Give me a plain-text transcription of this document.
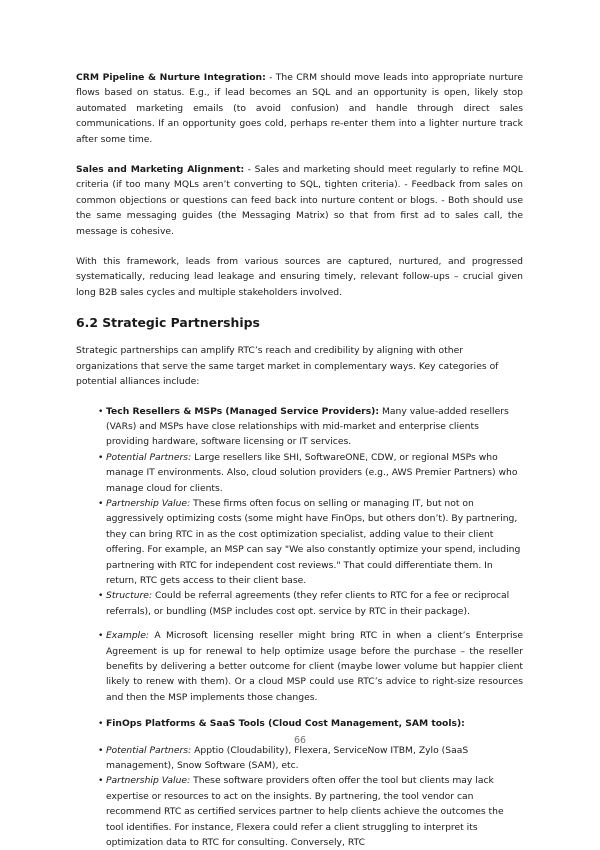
CRM Pipeline & Nurture Integration: - The CRM should move leads into appropriate nurture flows based on status. E.g., if lead becomes an SQL and an opportunity is open, likely stop automated marketing emails (to avoid confusion) and handle through direct sales communications. If an opportunity goes cold, perhaps re-enter them into a lighter nurture track after some time.

Sales and Marketing Alignment: - Sales and marketing should meet regularly to refine MQL criteria (if too many MQLs aren’t converting to SQL, tighten criteria). - Feedback from sales on common objections or questions can feed back into nurture content or blogs. - Both should use the same messaging guides (the Messaging Matrix) so that from first ad to sales call, the message is cohesive.

With this framework, leads from various sources are captured, nurtured, and progressed systematically, reducing lead leakage and ensuring timely, relevant follow-ups – crucial given long B2B sales cycles and multiple stakeholders involved.

6.2 Strategic Partnerships

Strategic partnerships can amplify RTC’s reach and credibility by aligning with other organizations that serve the same target market in complementary ways. Key categories of potential alliances include:

• Tech Resellers & MSPs (Managed Service Providers): Many value-added resellers (VARs) and MSPs have close relationships with mid-market and enterprise clients providing hardware, software licensing or IT services.
• Potential Partners: Large resellers like SHI, SoftwareONE, CDW, or regional MSPs who manage IT environments. Also, cloud solution providers (e.g., AWS Premier Partners) who manage cloud for clients.
• Partnership Value: These firms often focus on selling or managing IT, but not on aggressively optimizing costs (some might have FinOps, but others don’t). By partnering, they can bring RTC in as the cost optimization specialist, adding value to their client offering. For example, an MSP can say "We also constantly optimize your spend, including partnering with RTC for independent cost reviews." That could differentiate them. In return, RTC gets access to their client base.
• Structure: Could be referral agreements (they refer clients to RTC for a fee or reciprocal referrals), or bundling (MSP includes cost opt. service by RTC in their package).
• Example: A Microsoft licensing reseller might bring RTC in when a client’s Enterprise Agreement is up for renewal to help optimize usage before the purchase – the reseller benefits by delivering a better outcome for client (maybe lower volume but happier client likely to renew with them). Or a cloud MSP could use RTC’s advice to right-size resources and then the MSP implements those changes.
• FinOps Platforms & SaaS Tools (Cloud Cost Management, SAM tools):
• Potential Partners: Apptio (Cloudability), Flexera, ServiceNow ITBM, Zylo (SaaS management), Snow Software (SAM), etc.
• Partnership Value: These software providers often offer the tool but clients may lack expertise or resources to act on the insights. By partnering, the tool vendor can recommend RTC as certified services partner to help clients achieve the outcomes the tool identifies. For instance, Flexera could refer a client struggling to interpret its optimization data to RTC for consulting. Conversely, RTC
66
